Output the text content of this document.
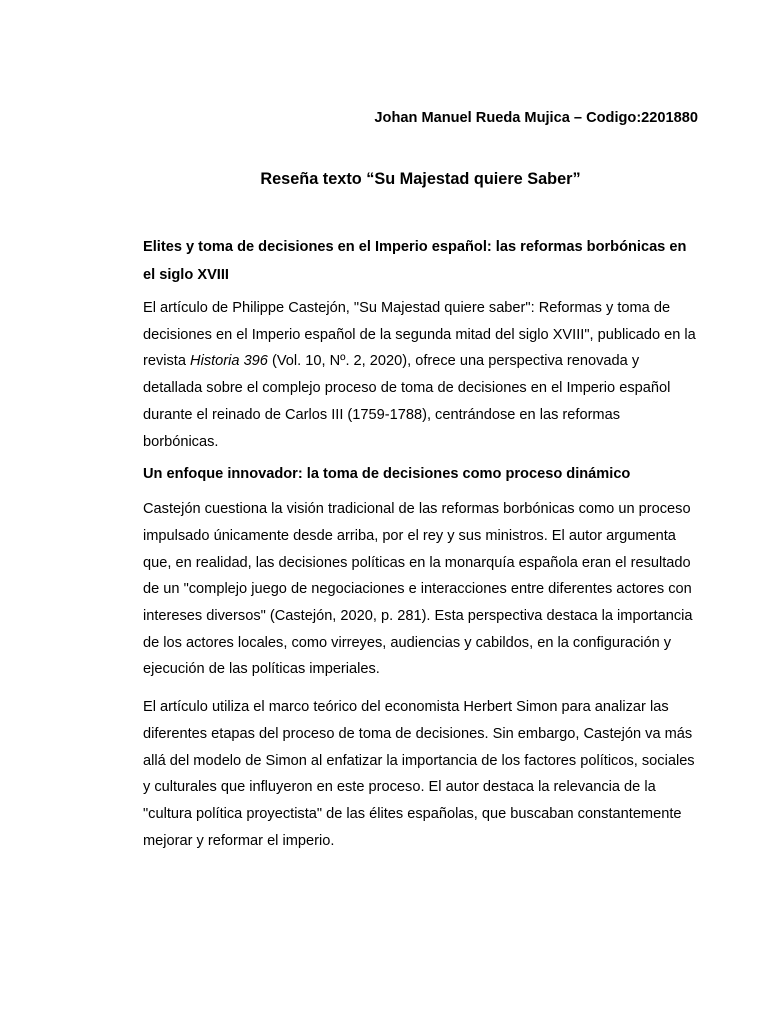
Johan Manuel Rueda Mujica – Codigo:2201880

Reseña texto “Su Majestad quiere Saber”

Elites y toma de decisiones en el Imperio español: las reformas borbónicas en el siglo XVIII

El artículo de Philippe Castejón, "Su Majestad quiere saber": Reformas y toma de decisiones en el Imperio español de la segunda mitad del siglo XVIII", publicado en la revista Historia 396 (Vol. 10, Nº. 2, 2020), ofrece una perspectiva renovada y detallada sobre el complejo proceso de toma de decisiones en el Imperio español durante el reinado de Carlos III (1759-1788), centrándose en las reformas borbónicas.

Un enfoque innovador: la toma de decisiones como proceso dinámico

Castejón cuestiona la visión tradicional de las reformas borbónicas como un proceso impulsado únicamente desde arriba, por el rey y sus ministros. El autor argumenta que, en realidad, las decisiones políticas en la monarquía española eran el resultado de un "complejo juego de negociaciones e interacciones entre diferentes actores con intereses diversos" (Castejón, 2020, p. 281). Esta perspectiva destaca la importancia de los actores locales, como virreyes, audiencias y cabildos, en la configuración y ejecución de las políticas imperiales.

El artículo utiliza el marco teórico del economista Herbert Simon para analizar las diferentes etapas del proceso de toma de decisiones. Sin embargo, Castejón va más allá del modelo de Simon al enfatizar la importancia de los factores políticos, sociales y culturales que influyeron en este proceso. El autor destaca la relevancia de la "cultura política proyectista" de las élites españolas, que buscaban constantemente mejorar y reformar el imperio.
